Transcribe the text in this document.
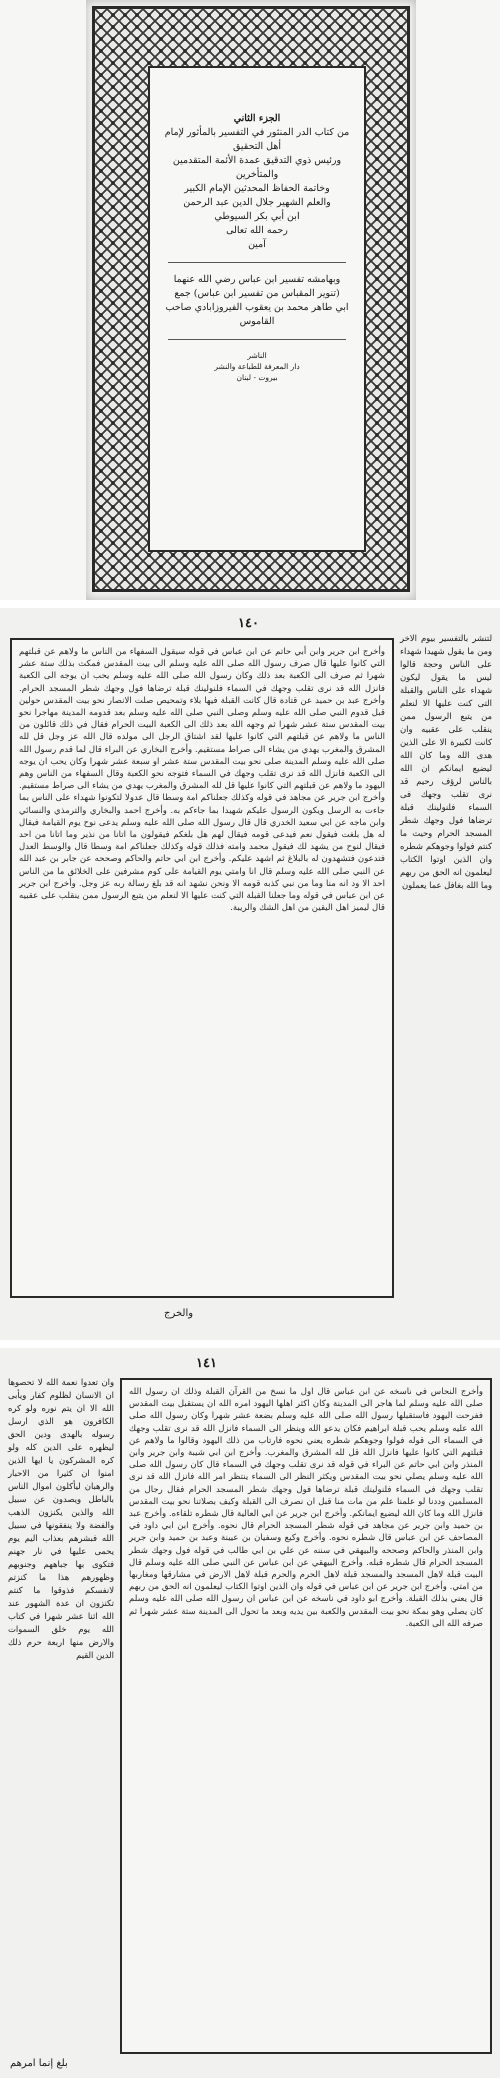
الجزء الثاني
من كتاب الدر المنثور في التفسير بالمأثور لإمام أهل التحقيق
ورئيس ذوي التدقيق عمدة الأئمة المتقدمين والمتأخرين
وخاتمة الحفاظ المحدثين الإمام الكبير
والعلم الشهير جلال الدين عبد الرحمن
ابن أبي بكر السيوطي
رحمه الله تعالى
آمين
وبهامشه تفسير ابن عباس رضي الله عنهما
(تنوير المقباس من تفسير ابن عباس) جمع
ابي طاهر محمد بن يعقوب الفيروزابادي صاحب القاموس
الناشر
دار المعرفة للطباعة والنشر
بيروت - لبنان
١٤٠
لتنشر بالتفسير بيوم الاخر ومن ما يقول شهيدا شهداء على الناس وحجة قالوا ليس ما يقول ليكون شهداء على الناس والقبلة التى كنت عليها الا لنعلم من يتبع الرسول ممن ينقلب على عقبيه وان كانت لكبيرة الا على الذين هدى الله وما كان الله ليضيع ايمانكم ان الله بالناس لرؤف رحيم قد نرى تقلب وجهك فى السماء فلنولينك قبلة ترضاها فول وجهك شطر المسجد الحرام وحيث ما كنتم فولوا وجوهكم شطره وان الذين اوتوا الكتاب ليعلمون انه الحق من ربهم وما الله بغافل عما يعملون
وأخرج ابن جرير وابن أبي حاتم عن ابن عباس في قوله سيقول السفهاء من الناس ما ولاهم عن قبلتهم التي كانوا عليها قال صرف رسول الله صلى الله عليه وسلم الى بيت المقدس فمكث بذلك ستة عشر شهرا ثم صرف الى الكعبة بعد ذلك وكان رسول الله صلى الله عليه وسلم يحب ان يوجه الى الكعبة فانزل الله قد نرى تقلب وجهك في السماء فلنولينك قبلة ترضاها فول وجهك شطر المسجد الحرام. وأخرج عبد بن حميد عن قتادة قال كانت القبلة فيها بلاء وتمحيص صلت الانصار نحو بيت المقدس حولين قبل قدوم النبي صلى الله عليه وسلم وصلى النبي صلى الله عليه وسلم بعد قدومه المدينة مهاجرا نحو بيت المقدس ستة عشر شهرا ثم وجهه الله بعد ذلك الى الكعبة البيت الحرام فقال في ذلك قائلون من الناس ما ولاهم عن قبلتهم التي كانوا عليها لقد اشتاق الرجل الى مولده قال الله عز وجل قل لله المشرق والمغرب يهدي من يشاء الى صراط مستقيم. وأخرج البخاري عن البراء قال لما قدم رسول الله صلى الله عليه وسلم المدينة صلى نحو بيت المقدس ستة عشر او سبعة عشر شهرا وكان يحب ان يوجه الى الكعبة فانزل الله قد نرى تقلب وجهك في السماء فتوجه نحو الكعبة وقال السفهاء من الناس وهم اليهود ما ولاهم عن قبلتهم التي كانوا عليها قل لله المشرق والمغرب يهدي من يشاء الى صراط مستقيم. وأخرج ابن جرير عن مجاهد في قوله وكذلك جعلناكم امة وسطا قال عدولا لتكونوا شهداء على الناس بما جاءت به الرسل ويكون الرسول عليكم شهيدا بما جاءكم به. وأخرج احمد والبخاري والترمذي والنسائي وابن ماجه عن ابي سعيد الخدري قال قال رسول الله صلى الله عليه وسلم يدعى نوح يوم القيامة فيقال له هل بلغت فيقول نعم فيدعى قومه فيقال لهم هل بلغكم فيقولون ما اتانا من نذير وما اتانا من احد فيقال لنوح من يشهد لك فيقول محمد وامته فذلك قوله وكذلك جعلناكم امة وسطا قال والوسط العدل فتدعون فتشهدون له بالبلاغ ثم اشهد عليكم. وأخرج ابن ابي حاتم والحاكم وصححه عن جابر بن عبد الله عن النبي صلى الله عليه وسلم قال انا وامتي يوم القيامة على كوم مشرفين على الخلائق ما من الناس احد الا ود انه منا وما من نبي كذبه قومه الا ونحن نشهد انه قد بلغ رسالة ربه عز وجل. وأخرج ابن جرير عن ابن عباس في قوله وما جعلنا القبلة التي كنت عليها الا لنعلم من يتبع الرسول ممن ينقلب على عقبيه قال ليميز اهل اليقين من اهل الشك والريبة.
والخرج
١٤١
وان تعدوا نعمة الله لا تحصوها ان الانسان لظلوم كفار ويأبى الله الا ان يتم نوره ولو كره الكافرون هو الذي ارسل رسوله بالهدى ودين الحق ليظهره على الدين كله ولو كره المشركون يا ايها الذين امنوا ان كثيرا من الاحبار والرهبان ليأكلون اموال الناس بالباطل ويصدون عن سبيل الله والذين يكنزون الذهب والفضة ولا ينفقونها في سبيل الله فبشرهم بعذاب اليم يوم يحمى عليها في نار جهنم فتكوى بها جباههم وجنوبهم وظهورهم هذا ما كنزتم لانفسكم فذوقوا ما كنتم تكنزون ان عدة الشهور عند الله اثنا عشر شهرا في كتاب الله يوم خلق السموات والارض منها اربعة حرم ذلك الدين القيم
وأخرج النحاس في ناسخه عن ابن عباس قال اول ما نسخ من القرآن القبلة وذلك ان رسول الله صلى الله عليه وسلم لما هاجر الى المدينة وكان اكثر اهلها اليهود امره الله ان يستقبل بيت المقدس ففرحت اليهود فاستقبلها رسول الله صلى الله عليه وسلم بضعة عشر شهرا وكان رسول الله صلى الله عليه وسلم يحب قبلة ابراهيم فكان يدعو الله وينظر الى السماء فانزل الله قد نرى تقلب وجهك في السماء الى قوله فولوا وجوهكم شطره يعني نحوه فارتاب من ذلك اليهود وقالوا ما ولاهم عن قبلتهم التي كانوا عليها فانزل الله قل لله المشرق والمغرب. وأخرج ابن ابي شيبة وابن جرير وابن المنذر وابن ابي حاتم عن البراء في قوله قد نرى تقلب وجهك في السماء قال كان رسول الله صلى الله عليه وسلم يصلي نحو بيت المقدس ويكثر النظر الى السماء ينتظر امر الله فانزل الله قد نرى تقلب وجهك في السماء فلنولينك قبلة ترضاها فول وجهك شطر المسجد الحرام فقال رجال من المسلمين وددنا لو علمنا علم من مات منا قبل ان نصرف الى القبلة وكيف بصلاتنا نحو بيت المقدس فانزل الله وما كان الله ليضيع ايمانكم. وأخرج ابن جرير عن ابي العالية قال شطره تلقاءه. وأخرج عبد بن حميد وابن جرير عن مجاهد في قوله شطر المسجد الحرام قال نحوه. وأخرج ابن ابي داود في المصاحف عن ابن عباس قال شطره نحوه. وأخرج وكيع وسفيان بن عيينة وعبد بن حميد وابن جرير وابن المنذر والحاكم وصححه والبيهقي في سننه عن علي بن ابي طالب في قوله فول وجهك شطر المسجد الحرام قال شطره قبله. وأخرج البيهقي عن ابن عباس عن النبي صلى الله عليه وسلم قال البيت قبلة لاهل المسجد والمسجد قبلة لاهل الحرم والحرم قبلة لاهل الارض في مشارقها ومغاربها من امتي. وأخرج ابن جرير عن ابن عباس في قوله وان الذين اوتوا الكتاب ليعلمون انه الحق من ربهم قال يعني بذلك القبلة. وأخرج ابو داود في ناسخه عن ابن عباس ان رسول الله صلى الله عليه وسلم كان يصلي وهو بمكة نحو بيت المقدس والكعبة بين يديه وبعد ما تحول الى المدينة ستة عشر شهرا ثم صرفه الله الى الكعبة.
بلغ إنما امرهم
